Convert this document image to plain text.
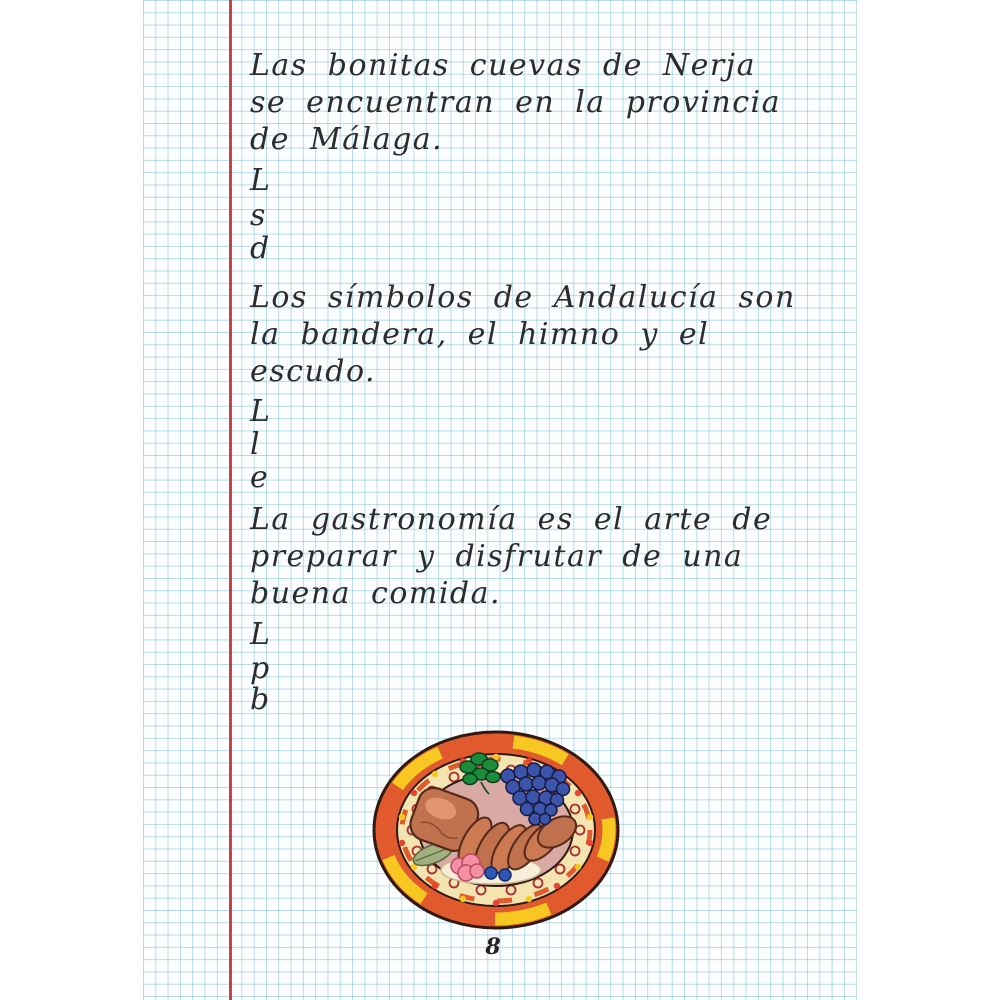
Las bonitas cuevas de Nerja
se encuentran en la provincia
de Málaga.
L
s
d
Los símbolos de Andalucía son
la bandera, el himno y el
escudo.
L
l
e
La gastronomía es el arte de
preparar y disfrutar de una
buena comida.
L
p
b
8
